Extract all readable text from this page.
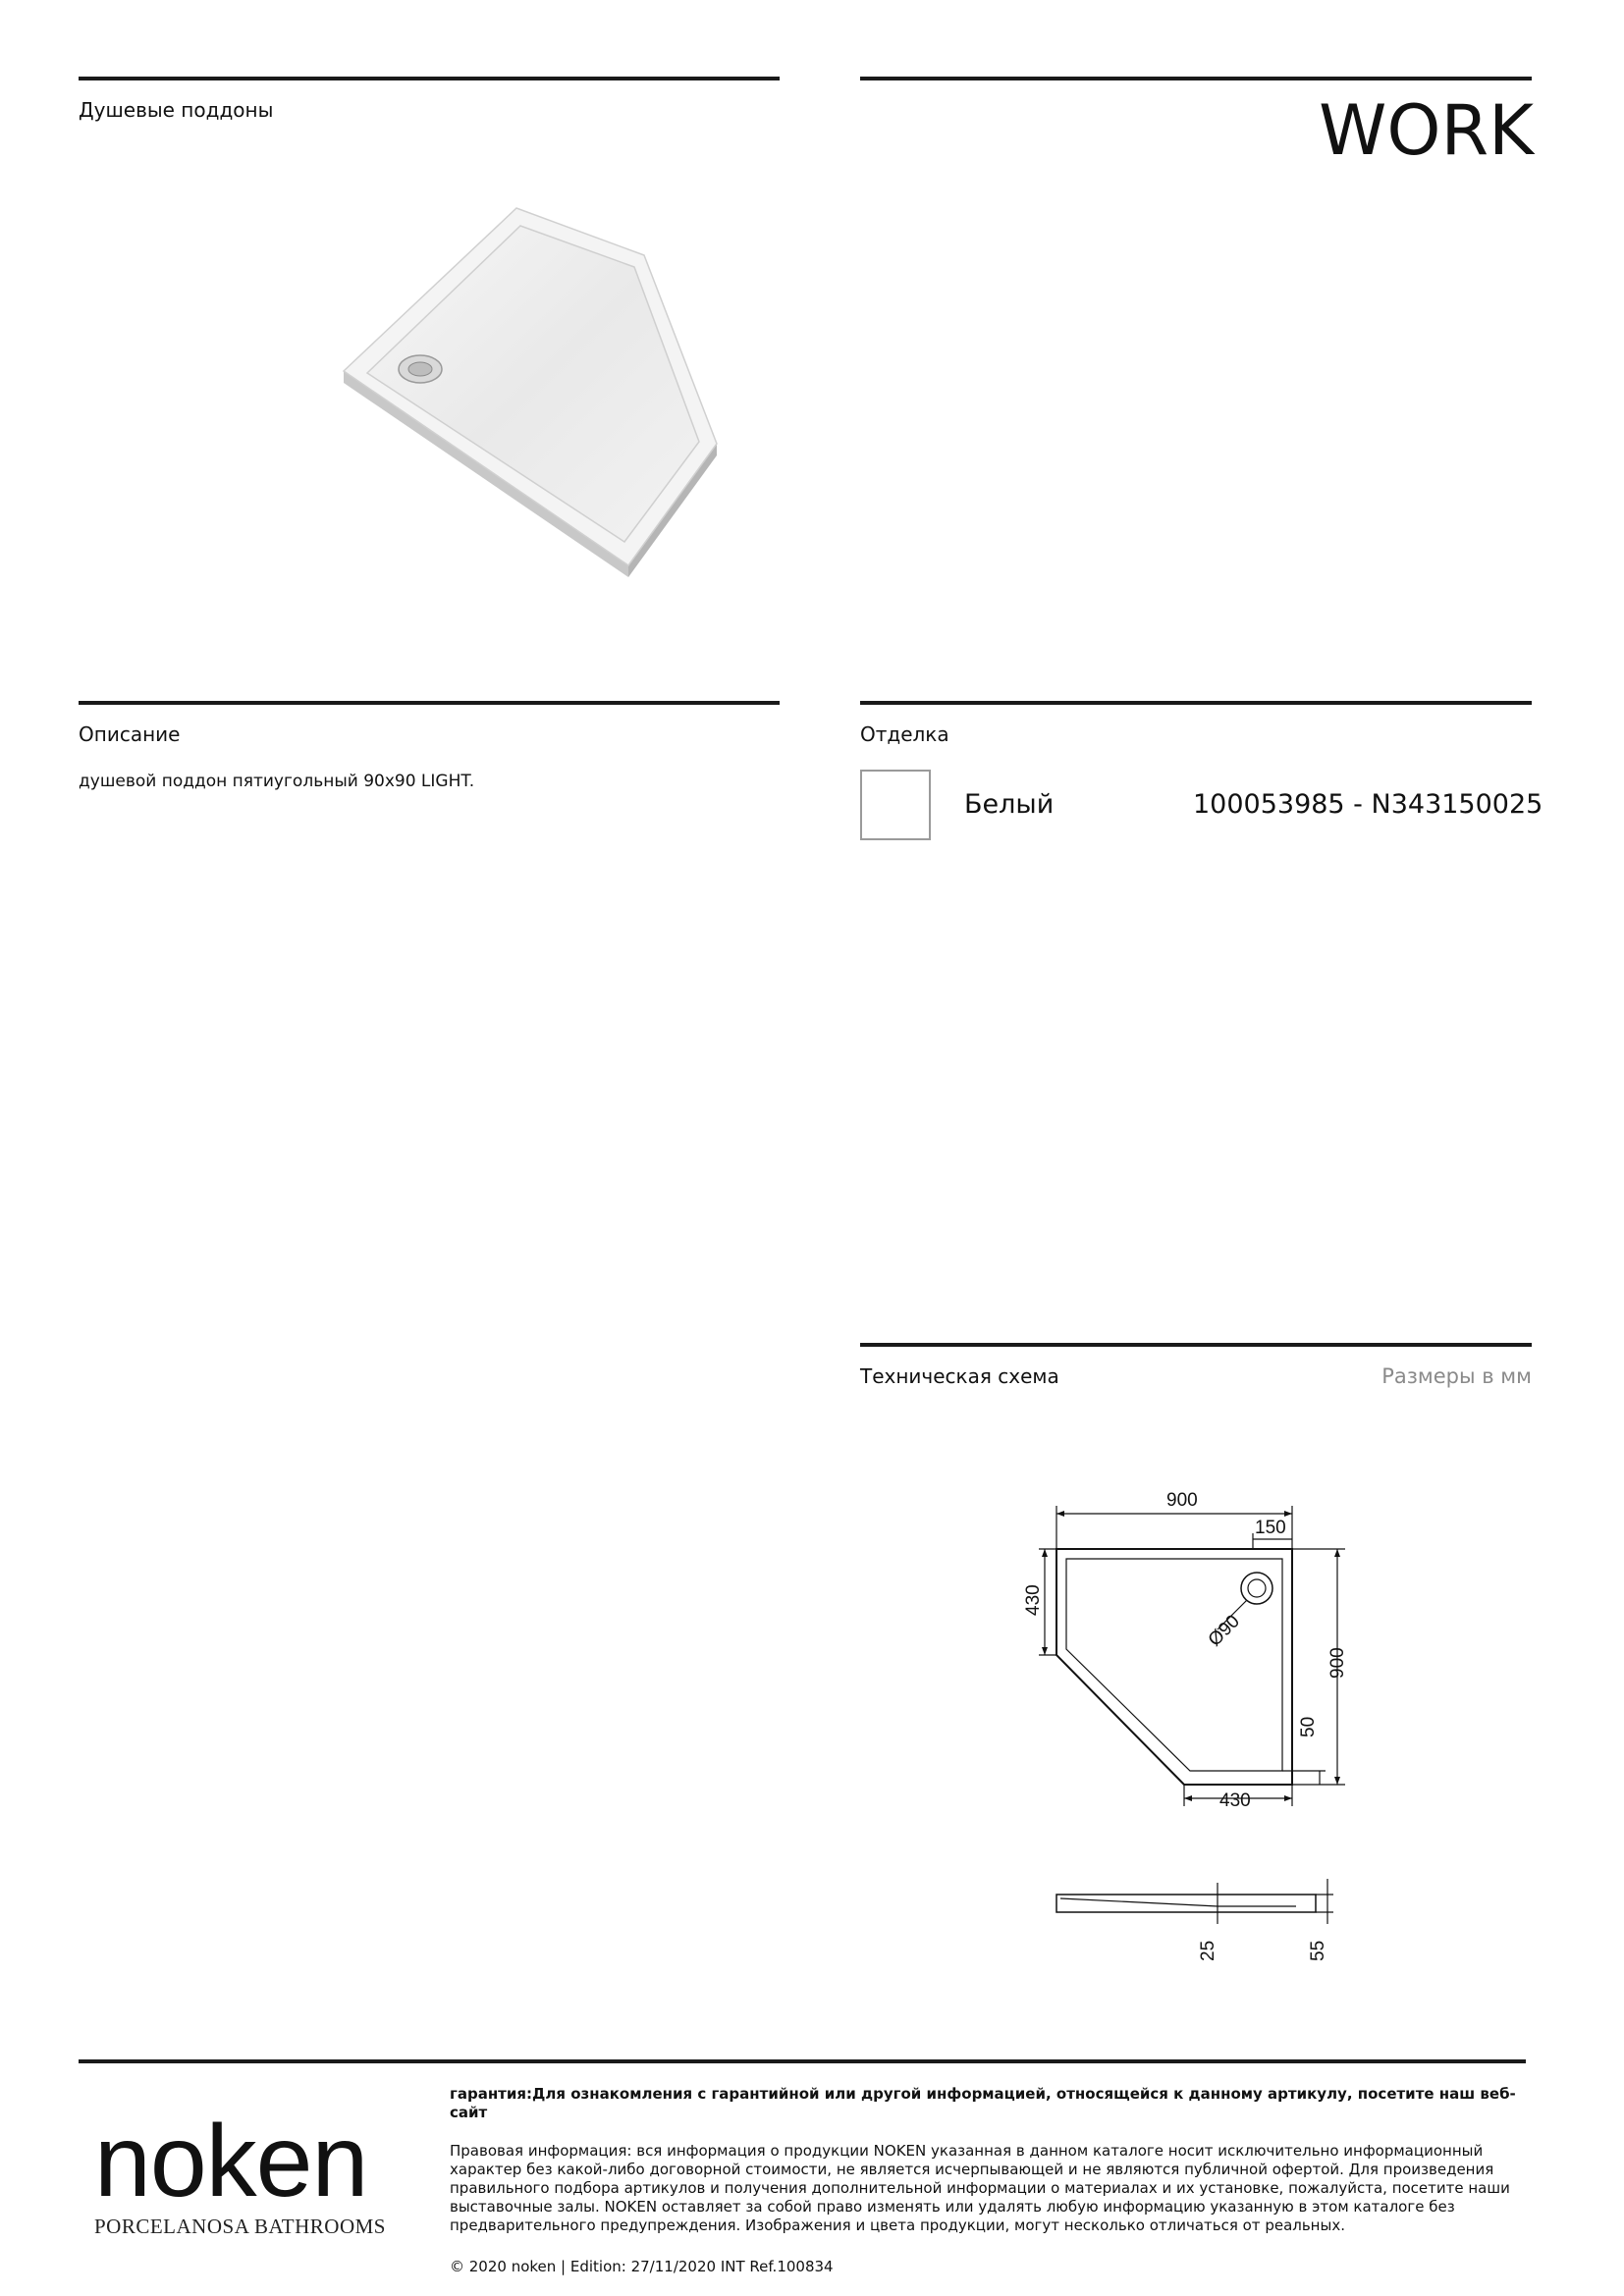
Душевые поддоны	WORK
Описание
душевой поддон пятиугольный 90x90 LIGHT.
Отделка
Белый	100053985 - N343150025
Техническая схема	Размеры в мм
900
150
430
Ø90
900
50
430
25	55
noken
PORCELANOSA BATHROOMS
гарантия:Для ознакомления с гарантийной или другой информацией, относящейся к данному артикулу, посетите наш веб-сайт
Правовая информация: вся информация о продукции NOKEN указанная в данном каталоге носит исключительно информационный характер без какой-либо договорной стоимости, не является исчерпывающей и не являются публичной офертой. Для произведения правильного подбора артикулов и получения дополнительной информации о материалах и их установке, пожалуйста, посетите наши выставочные залы. NOKEN оставляет за собой право изменять или удалять любую информацию указанную в этом каталоге без предварительного предупреждения. Изображения и цвета продукции, могут несколько отличаться от реальных.
© 2020 noken | Edition: 27/11/2020 INT Ref.100834
